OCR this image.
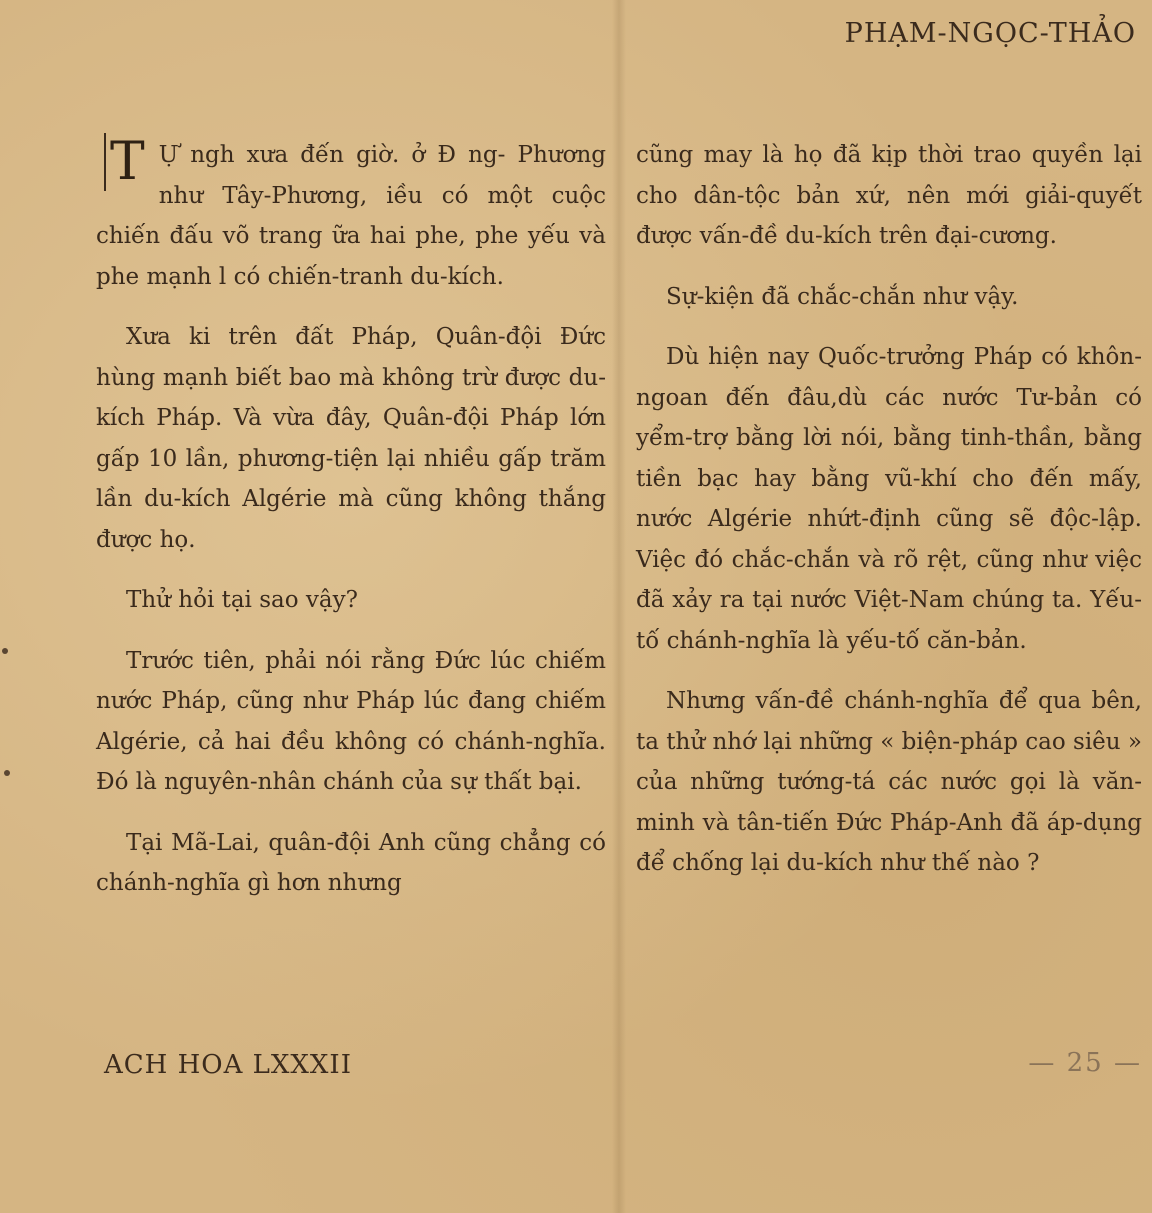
PHẠM-NGỌC-THẢO

T Ự ngh xưa đến giờ. ở Đ ng- Phương như Tây-Phương, iều có một cuộc chiến đấu võ trang ữa hai phe, phe yếu và phe mạnh l có chiến-tranh du-kích.

Xưa ki trên đất Pháp, Quân-đội Đức hùng mạnh biết bao mà không trừ được du-kích Pháp. Và vừa đây, Quân-đội Pháp lớn gấp 10 lần, phương-tiện lại nhiều gấp trăm lần du-kích Algérie mà cũng không thắng được họ.

Thử hỏi tại sao vậy?

Trước tiên, phải nói rằng Đức lúc chiếm nước Pháp, cũng như Pháp lúc đang chiếm Algérie, cả hai đều không có chánh-nghĩa. Đó là nguyên-nhân chánh của sự thất bại.

Tại Mã-Lai, quân-đội Anh cũng chẳng có chánh-nghĩa gì hơn nhưng

cũng may là họ đã kịp thời trao quyền lại cho dân-tộc bản xứ, nên mới giải-quyết được vấn-đề du-kích trên đại-cương.

Sự-kiện đã chắc-chắn như vậy.

Dù hiện nay Quốc-trưởng Pháp có khôn-ngoan đến đâu,dù các nước Tư-bản có yểm-trợ bằng lời nói, bằng tinh-thần, bằng tiền bạc hay bằng vũ-khí cho đến mấy, nước Algérie nhứt-định cũng sẽ độc-lập. Việc đó chắc-chắn và rõ rệt, cũng như việc đã xảy ra tại nước Việt-Nam chúng ta. Yếu-tố chánh-nghĩa là yếu-tố căn-bản.

Nhưng vấn-đề chánh-nghĩa để qua bên, ta thử nhớ lại những « biện-pháp cao siêu » của những tướng-tá các nước gọi là văn-minh và tân-tiến Đức Pháp-Anh đã áp-dụng để chống lại du-kích như thế nào ?

ACH HOA LXXXII	— 25 —
